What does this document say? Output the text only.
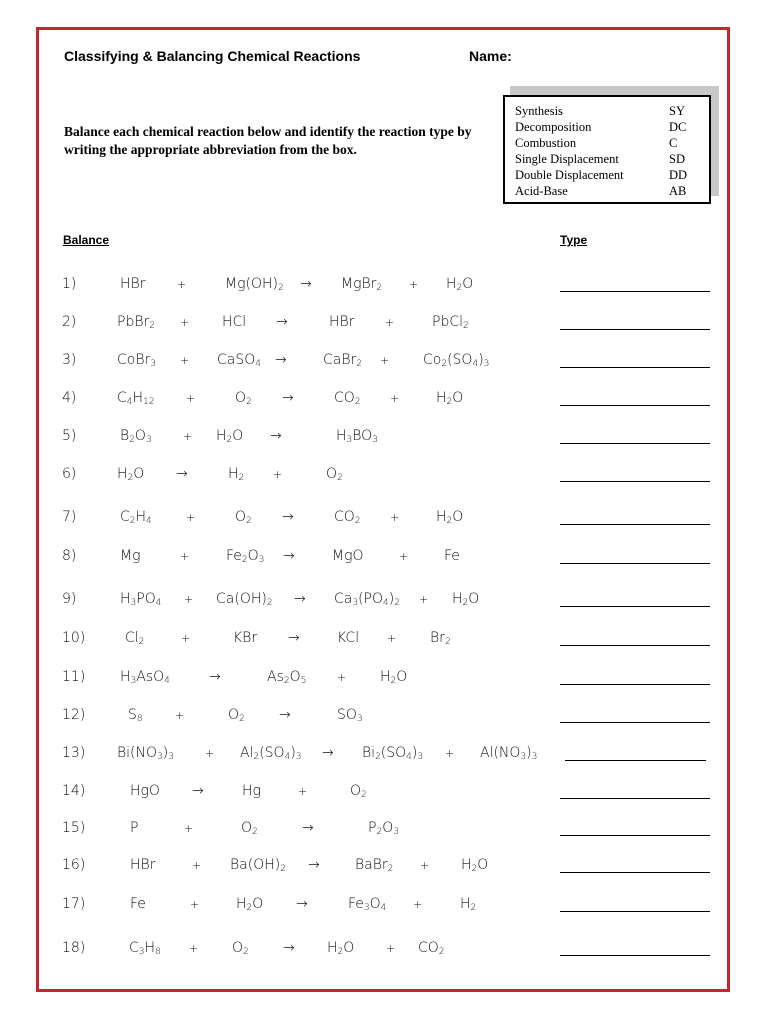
Classifying & Balancing Chemical Reactions	Name:
Balance each chemical reaction below and identify the reaction type by writing the appropriate abbreviation from the box.
Synthesis	SY
Decomposition	DC
Combustion	C
Single Displacement	SD
Double Displacement	DD
Acid-Base	AB
Balance	Type
1)	HBr	+	$Mg(OH)_2$ → MgBr$_2$ + $H_2O$
2)	PbBr$_2$ + HCl →	HBr	+	PbCl$_2$
3)	CoBr$_3$ + CaSO$_4$ →	CaBr$_2$ + $Co_2(SO_4)_3$
4)	$C_4H_{12}$	+	$O_2$ →	$CO_2$	+	$H_2O$
5)	$B_2O_3$	+ $H_2O$ →	$H_3BO_3$
6)	$H_2O$ →	$H_2$	+	$O_2$
7)	$C_2H_4$	+	$O_2$ →	$CO_2$	+	$H_2O$
8)	Mg	+	$Fe_2O_3$ →	MgO	+	Fe
9)	$H_3PO_4 + Ca(OH)_2 \to Ca_3(PO_4)_2 + H_2O$
10)	$Cl_2$	+	KBr →	KCl	+ $Br_2$
11) $H_3AsO_4$	→	$As_2O_5$	+ $H_2O$
12)	$S_8$	+	$O_2$ →	$SO_3$
13) $Bi(NO_3)_3$	+ $Al_2(SO_4)_3 \to Bi_2(SO_4)_3 + Al(NO_3)_3$
14)	HgO →	Hg	+	$O_2$
15)	P	+	$O_2$	→	$P_2O_3$
16)	HBr	+ $Ba(OH)_2$ →	BaBr$_2$ + $H_2O$
17)	Fe	+	$H_2O$ →	$Fe_3O_4$ +	$H_2$
18)	$C_3H_8$	+ $O_2 \to H_2O$	+ $CO_2$
